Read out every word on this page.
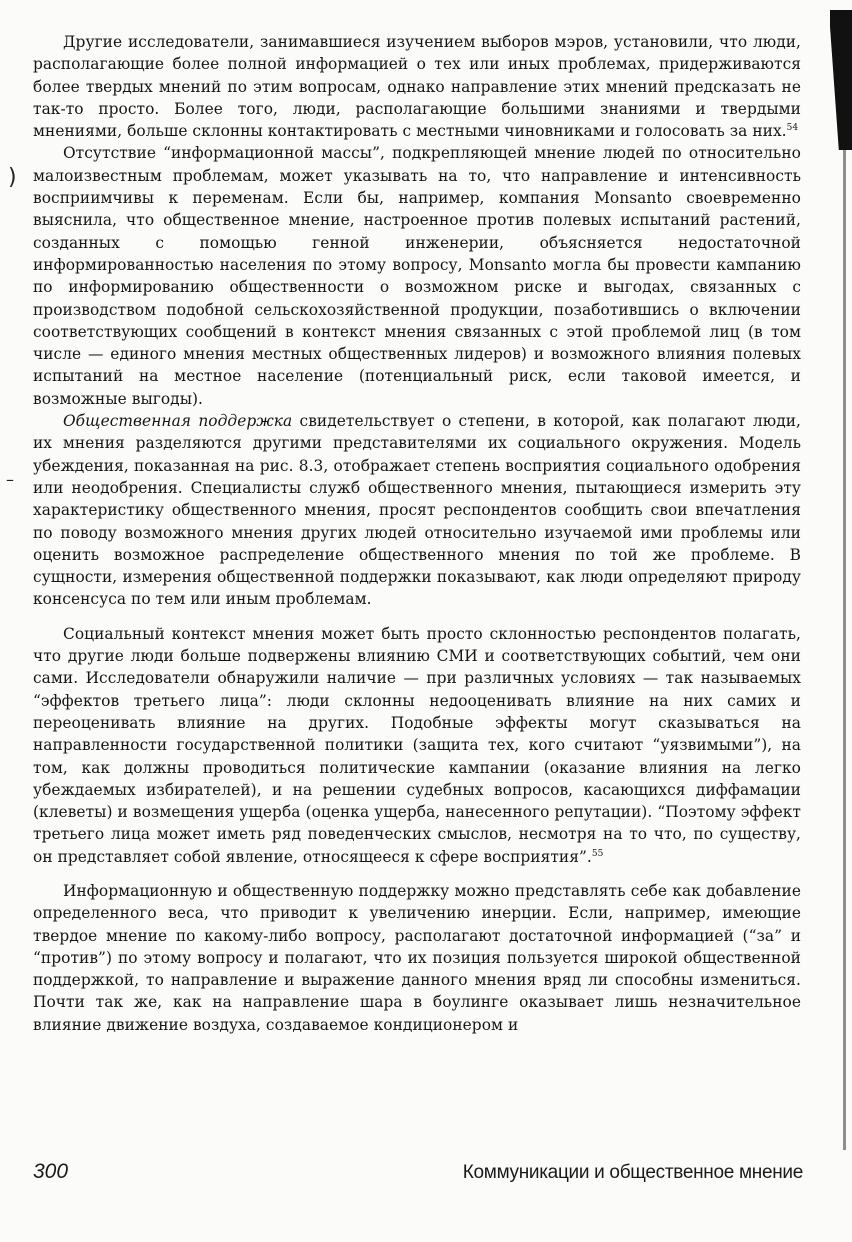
)
–

Другие исследователи, занимавшиеся изучением выборов мэров, установили, что люди, располагающие более полной информацией о тех или иных проблемах, придерживаются более твердых мнений по этим вопросам, однако направление этих мнений предсказать не так-то просто. Более того, люди, располагающие большими знаниями и твердыми мнениями, больше склонны контактировать с местными чиновниками и голосовать за них.$^{54}$

Отсутствие “информационной массы”, подкрепляющей мнение людей по относительно малоизвестным проблемам, может указывать на то, что направление и интенсивность восприимчивы к переменам. Если бы, например, компания Monsanto своевременно выяснила, что общественное мнение, настроенное против полевых испытаний растений, созданных с помощью генной инженерии, объясняется недостаточной информированностью населения по этому вопросу, Monsanto могла бы провести кампанию по информированию общественности о возможном риске и выгодах, связанных с производством подобной сельскохозяйственной продукции, позаботившись о включении соответствующих сообщений в контекст мнения связанных с этой проблемой лиц (в том числе — единого мнения местных общественных лидеров) и возможного влияния полевых испытаний на местное население (потенциальный риск, если таковой имеется, и возможные выгоды).

Общественная поддержка свидетельствует о степени, в которой, как полагают люди, их мнения разделяются другими представителями их социального окружения. Модель убеждения, показанная на рис. 8.3, отображает степень восприятия социального одобрения или неодобрения. Специалисты служб общественного мнения, пытающиеся измерить эту характеристику общественного мнения, просят респондентов сообщить свои впечатления по поводу возможного мнения других людей относительно изучаемой ими проблемы или оценить возможное распределение общественного мнения по той же проблеме. В сущности, измерения общественной поддержки показывают, как люди определяют природу консенсуса по тем или иным проблемам.

Социальный контекст мнения может быть просто склонностью респондентов полагать, что другие люди больше подвержены влиянию СМИ и соответствующих событий, чем они сами. Исследователи обнаружили наличие — при различных условиях — так называемых “эффектов третьего лица”: люди склонны недооценивать влияние на них самих и переоценивать влияние на других. Подобные эффекты могут сказываться на направленности государственной политики (защита тех, кого считают “уязвимыми”), на том, как должны проводиться политические кампании (оказание влияния на легко убеждаемых избирателей), и на решении судебных вопросов, касающихся диффамации (клеветы) и возмещения ущерба (оценка ущерба, нанесенного репутации). “Поэтому эффект третьего лица может иметь ряд поведенческих смыслов, несмотря на то что, по существу, он представляет собой явление, относящееся к сфере восприятия”.$^{55}$

Информационную и общественную поддержку можно представлять себе как добавление определенного веса, что приводит к увеличению инерции. Если, например, имеющие твердое мнение по какому-либо вопросу, располагают достаточной информацией (“за” и “против”) по этому вопросу и полагают, что их позиция пользуется широкой общественной поддержкой, то направление и выражение данного мнения вряд ли способны измениться. Почти так же, как на направление шара в боулинге оказывает лишь незначительное влияние движение воздуха, создаваемое кондиционером и

300	Коммуникации и общественное мнение
